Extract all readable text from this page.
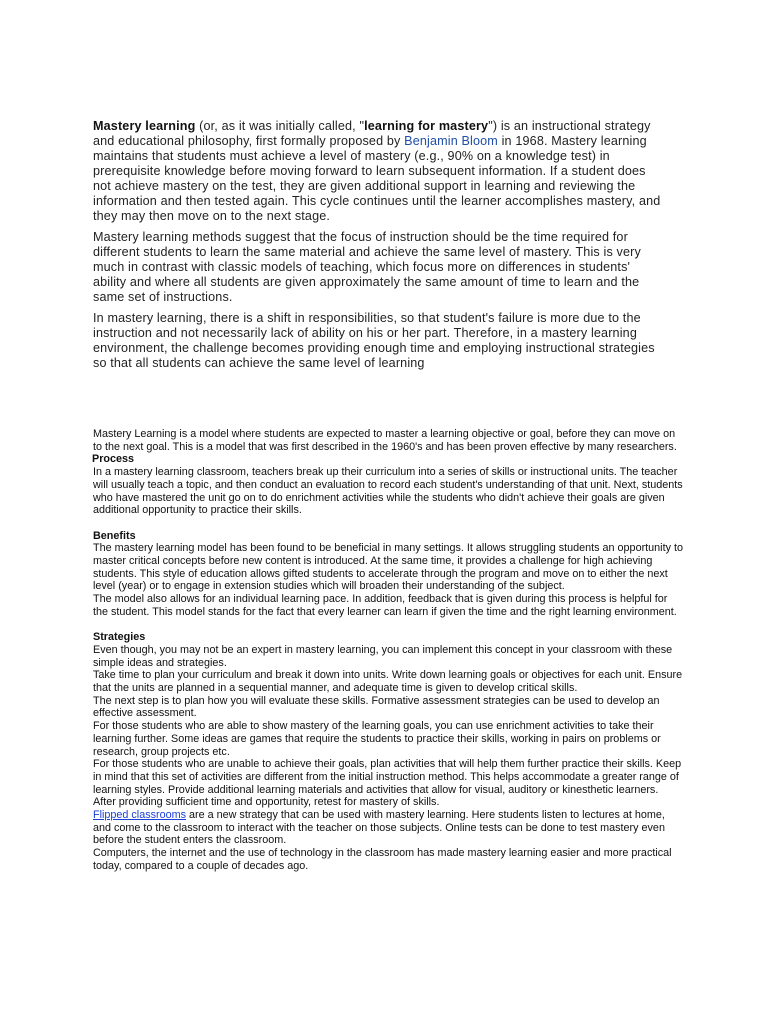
Mastery learning (or, as it was initially called, "learning for mastery") is an instructional strategy and educational philosophy, first formally proposed by Benjamin Bloom in 1968. Mastery learning maintains that students must achieve a level of mastery (e.g., 90% on a knowledge test) in prerequisite knowledge before moving forward to learn subsequent information. If a student does not achieve mastery on the test, they are given additional support in learning and reviewing the information and then tested again. This cycle continues until the learner accomplishes mastery, and they may then move on to the next stage.

Mastery learning methods suggest that the focus of instruction should be the time required for different students to learn the same material and achieve the same level of mastery. This is very much in contrast with classic models of teaching, which focus more on differences in students' ability and where all students are given approximately the same amount of time to learn and the same set of instructions.

In mastery learning, there is a shift in responsibilities, so that student's failure is more due to the instruction and not necessarily lack of ability on his or her part. Therefore, in a mastery learning environment, the challenge becomes providing enough time and employing instructional strategies so that all students can achieve the same level of learning

Mastery Learning is a model where students are expected to master a learning objective or goal, before they can move on to the next goal. This is a model that was first described in the 1960's and has been proven effective by many researchers.

Process

In a mastery learning classroom, teachers break up their curriculum into a series of skills or instructional units. The teacher will usually teach a topic, and then conduct an evaluation to record each student's understanding of that unit. Next, students who have mastered the unit go on to do enrichment activities while the students who didn't achieve their goals are given additional opportunity to practice their skills.

Benefits

The mastery learning model has been found to be beneficial in many settings. It allows struggling students an opportunity to master critical concepts before new content is introduced. At the same time, it provides a challenge for high achieving students. This style of education allows gifted students to accelerate through the program and move on to either the next level (year) or to engage in extension studies which will broaden their understanding of the subject.

The model also allows for an individual learning pace. In addition, feedback that is given during this process is helpful for the student. This model stands for the fact that every learner can learn if given the time and the right learning environment.

Strategies

Even though, you may not be an expert in mastery learning, you can implement this concept in your classroom with these simple ideas and strategies.

Take time to plan your curriculum and break it down into units. Write down learning goals or objectives for each unit. Ensure that the units are planned in a sequential manner, and adequate time is given to develop critical skills.

The next step is to plan how you will evaluate these skills. Formative assessment strategies can be used to develop an effective assessment.

For those students who are able to show mastery of the learning goals, you can use enrichment activities to take their learning further. Some ideas are games that require the students to practice their skills, working in pairs on problems or research, group projects etc.

For those students who are unable to achieve their goals, plan activities that will help them further practice their skills. Keep in mind that this set of activities are different from the initial instruction method. This helps accommodate a greater range of learning styles. Provide additional learning materials and activities that allow for visual, auditory or kinesthetic learners. After providing sufficient time and opportunity, retest for mastery of skills.

Flipped classrooms are a new strategy that can be used with mastery learning. Here students listen to lectures at home, and come to the classroom to interact with the teacher on those subjects. Online tests can be done to test mastery even before the student enters the classroom.

Computers, the internet and the use of technology in the classroom has made mastery learning easier and more practical today, compared to a couple of decades ago.
